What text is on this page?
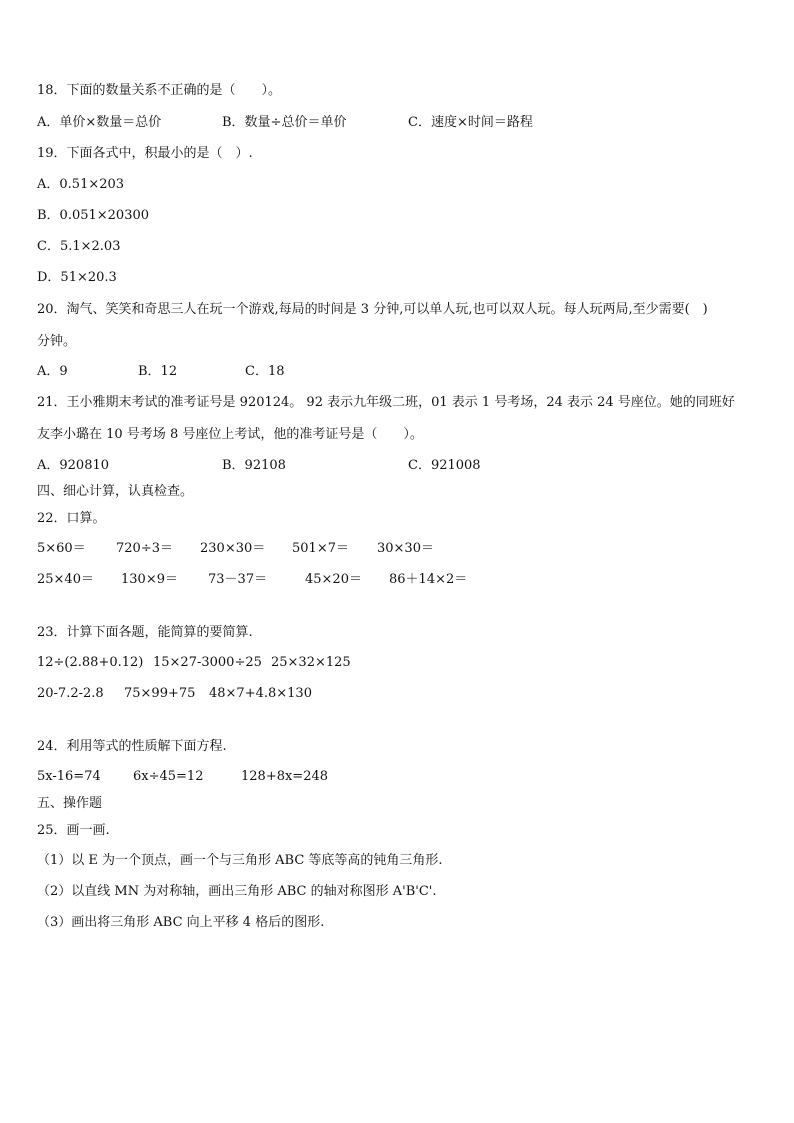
18．下面的数量关系不正确的是（　　）。
A．单价×数量＝总价	B．数量÷总价＝单价	C．速度×时间＝路程
19．下面各式中，积最小的是（　）.
A．0.51×203
B．0.051×20300
C．5.1×2.03
D．51×20.3
20．淘气、笑笑和奇思三人在玩一个游戏,每局的时间是 3 分钟,可以单人玩,也可以双人玩。每人玩两局,至少需要(　)
分钟。
A．9	B．12	C．18
21．王小雅期末考试的准考证号是 920124。 92 表示九年级二班，01 表示 1 号考场，24 表示 24 号座位。她的同班好
友李小璐在 10 号考场 8 号座位上考试，他的准考证号是（　　）。
A．920810	B．92108	C．921008
四、细心计算，认真检查。
22．口算。
5×60＝ 720÷3＝ 230×30＝ 501×7＝ 30×30＝
25×40＝ 130×9＝ 73－37＝	45×20＝ 86＋14×2＝
23．计算下面各题，能简算的要简算.
12÷(2.88+0.12) 15×27-3000÷25 25×32×125
20-7.2-2.8 75×99+75 48×7+4.8×130
24．利用等式的性质解下面方程.
5x-16=74 6x÷45=12	128+8x=248
五、操作题
25．画一画.
（1）以 E 为一个顶点，画一个与三角形 ABC 等底等高的钝角三角形.
（2）以直线 MN 为对称轴，画出三角形 ABC 的轴对称图形 A'B'C'.
（3）画出将三角形 ABC 向上平移 4 格后的图形.
